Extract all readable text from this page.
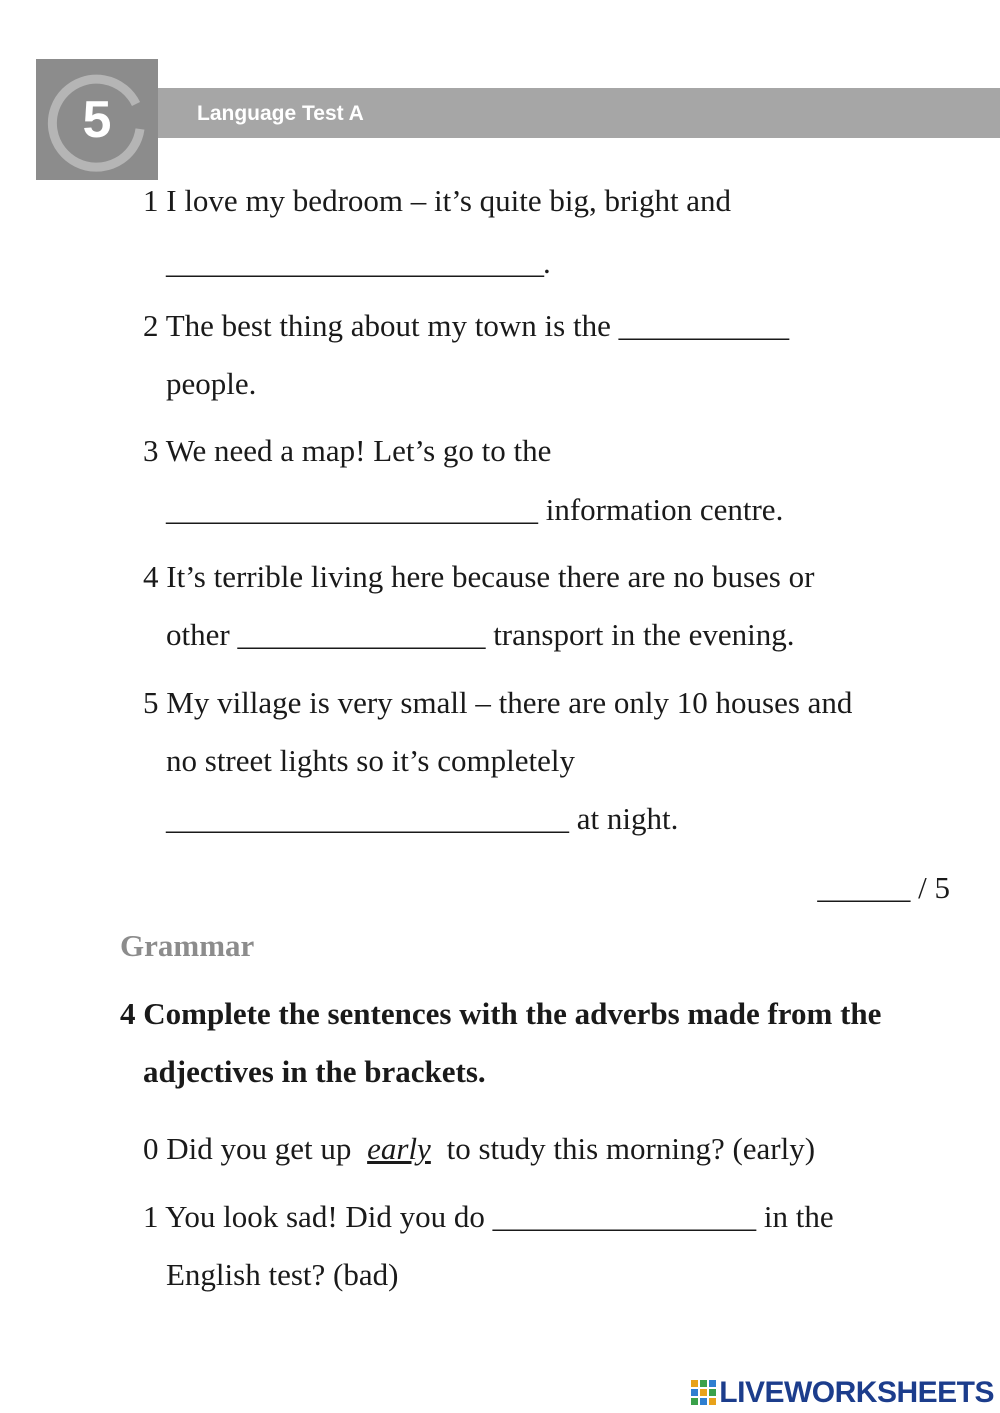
Language Test A
5
1 I love my bedroom – it’s quite big, bright and
__________________________.
2 The best thing about my town is the ___________
people.
3 We need a map! Let’s go to the
________________________ information centre.
4 It’s terrible living here because there are no buses or
other ________________ transport in the evening.
5 My village is very small – there are only 10 houses and
no street lights so it’s completely
__________________________ at night.
______ / 5
Grammar
4 Complete the sentences with the adverbs made from the
adjectives in the brackets.
0 Did you get up early to study this morning? (early)
1 You look sad! Did you do _________________ in the
English test? (bad)
LIVEWORKSHEETS
